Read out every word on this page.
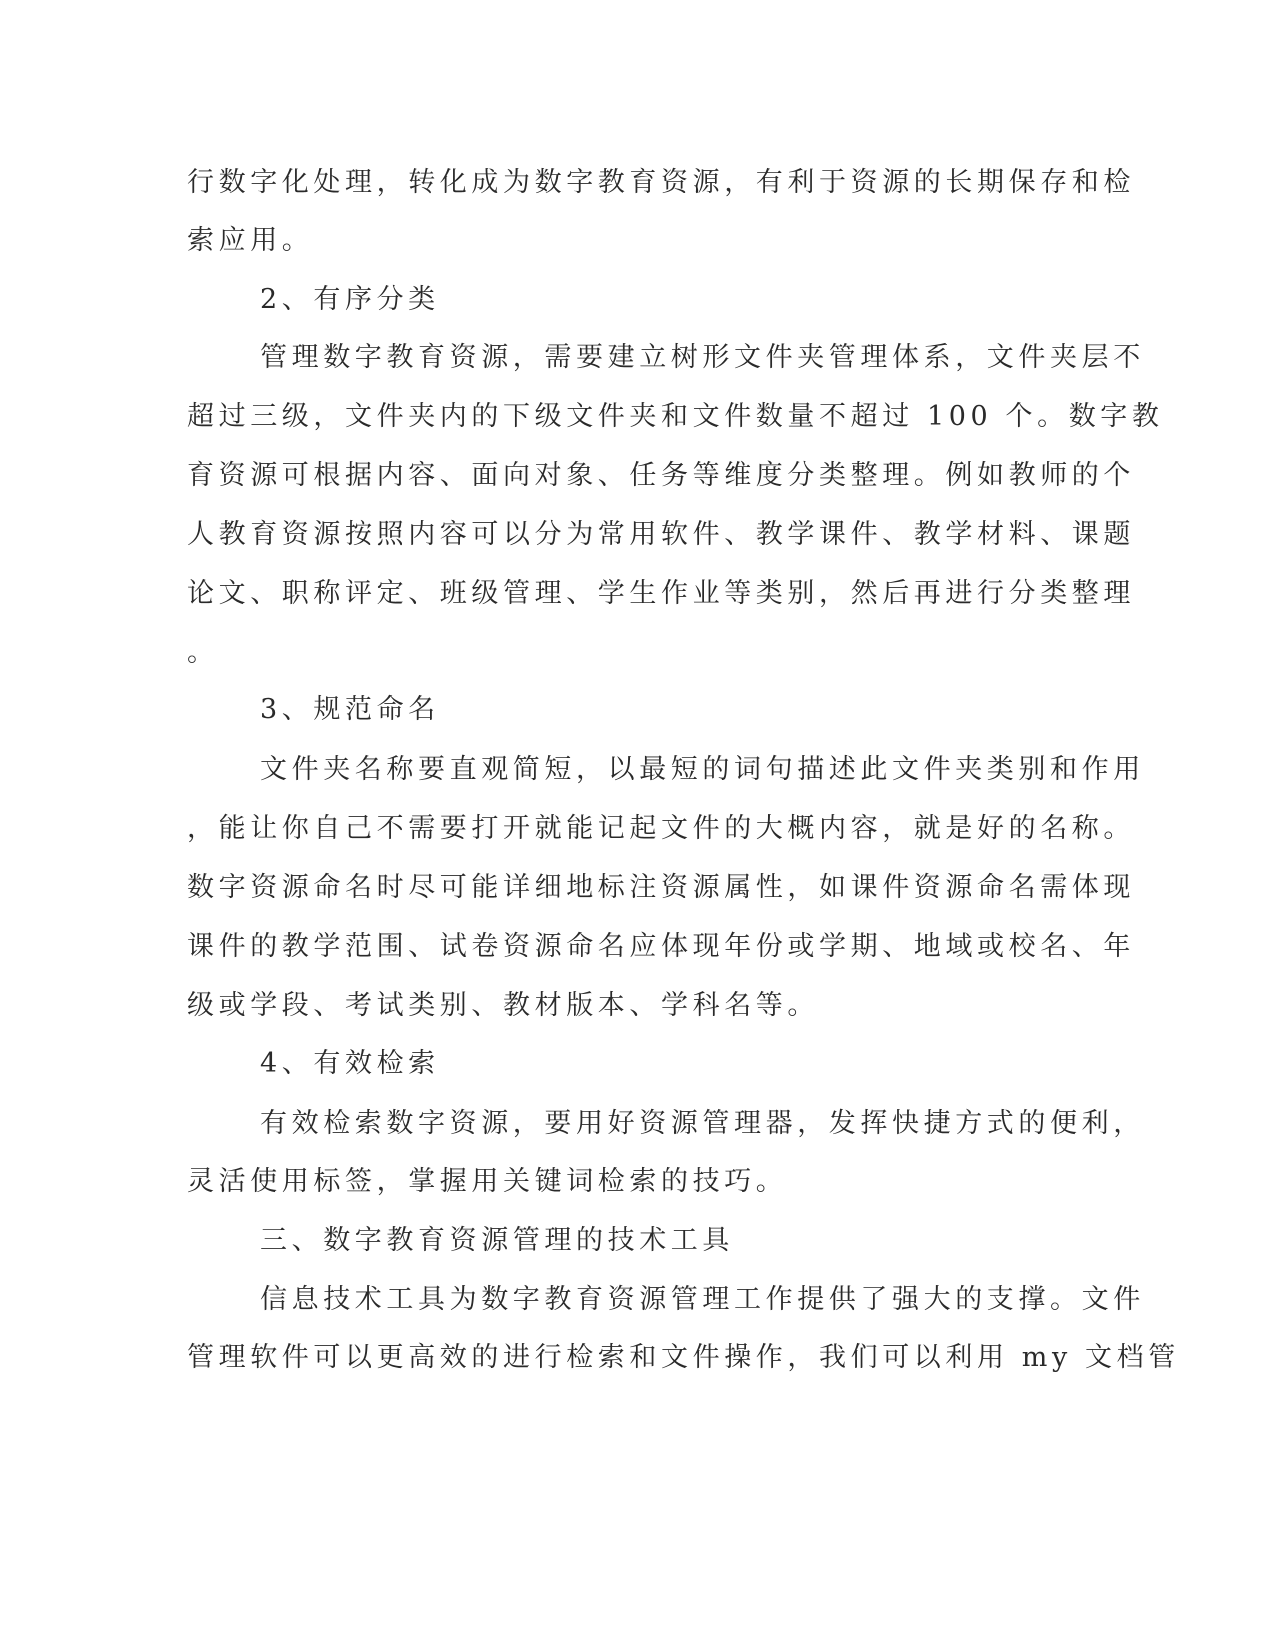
行数字化处理，转化成为数字教育资源，有利于资源的长期保存和检
索应用。
2、有序分类
管理数字教育资源，需要建立树形文件夹管理体系，文件夹层不
超过三级，文件夹内的下级文件夹和文件数量不超过 100 个。数字教
育资源可根据内容、面向对象、任务等维度分类整理。例如教师的个
人教育资源按照内容可以分为常用软件、教学课件、教学材料、课题
论文、职称评定、班级管理、学生作业等类别，然后再进行分类整理
。
3、规范命名
文件夹名称要直观简短，以最短的词句描述此文件夹类别和作用
，能让你自己不需要打开就能记起文件的大概内容，就是好的名称。
数字资源命名时尽可能详细地标注资源属性，如课件资源命名需体现
课件的教学范围、试卷资源命名应体现年份或学期、地域或校名、年
级或学段、考试类别、教材版本、学科名等。
4、有效检索
有效检索数字资源，要用好资源管理器，发挥快捷方式的便利，
灵活使用标签，掌握用关键词检索的技巧。
三、数字教育资源管理的技术工具
信息技术工具为数字教育资源管理工作提供了强大的支撑。文件
管理软件可以更高效的进行检索和文件操作，我们可以利用 my 文档管
